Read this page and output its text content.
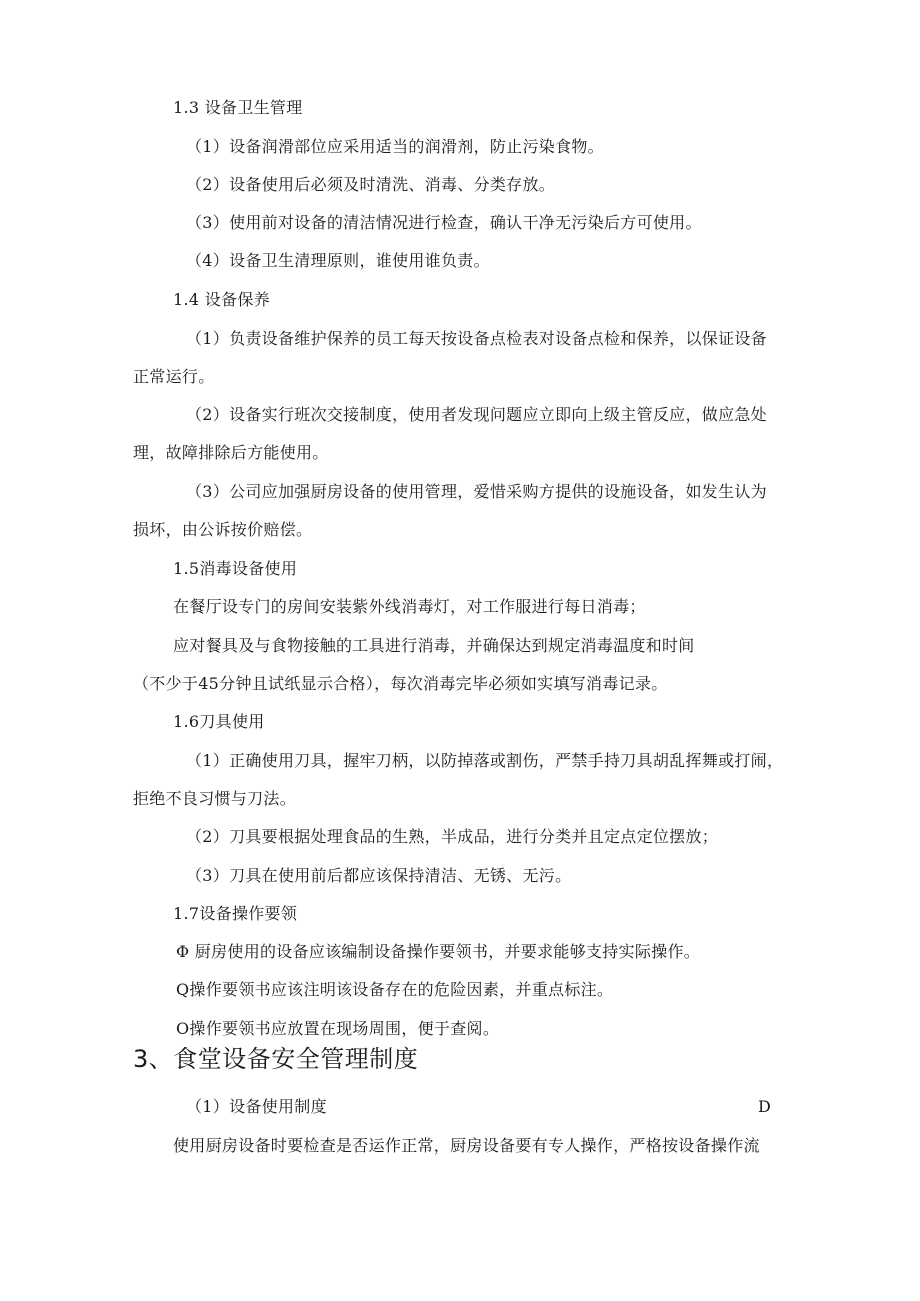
1.3 设备卫生管理
（1）设备润滑部位应采用适当的润滑剂，防止污染食物。
（2）设备使用后必须及时清洗、消毒、分类存放。
（3）使用前对设备的清洁情况进行检查，确认干净无污染后方可使用。
（4）设备卫生清理原则，谁使用谁负责。
1.4 设备保养
（1）负责设备维护保养的员工每天按设备点检表对设备点检和保养，以保证设备
正常运行。
（2）设备实行班次交接制度，使用者发现问题应立即向上级主管反应，做应急处
理，故障排除后方能使用。
（3）公司应加强厨房设备的使用管理，爱惜采购方提供的设施设备，如发生认为
损坏，由公诉按价赔偿。
1.5消毒设备使用
在餐厅设专门的房间安装紫外线消毒灯，对工作服进行每日消毒；
应对餐具及与食物接触的工具进行消毒，并确保达到规定消毒温度和时间
（不少于45分钟且试纸显示合格），每次消毒完毕必须如实填写消毒记录。
1.6刀具使用
（1）正确使用刀具，握牢刀柄，以防掉落或割伤，严禁手持刀具胡乱挥舞或打闹，
拒绝不良习惯与刀法。
（2）刀具要根据处理食品的生熟，半成品，进行分类并且定点定位摆放；
（3）刀具在使用前后都应该保持清洁、无锈、无污。
1.7设备操作要领
Φ 厨房使用的设备应该编制设备操作要领书，并要求能够支持实际操作。
Q操作要领书应该注明该设备存在的危险因素，并重点标注。
O操作要领书应放置在现场周围，便于查阅。
3、食堂设备安全管理制度
（1）设备使用制度	D
使用厨房设备时要检查是否运作正常，厨房设备要有专人操作，严格按设备操作流
